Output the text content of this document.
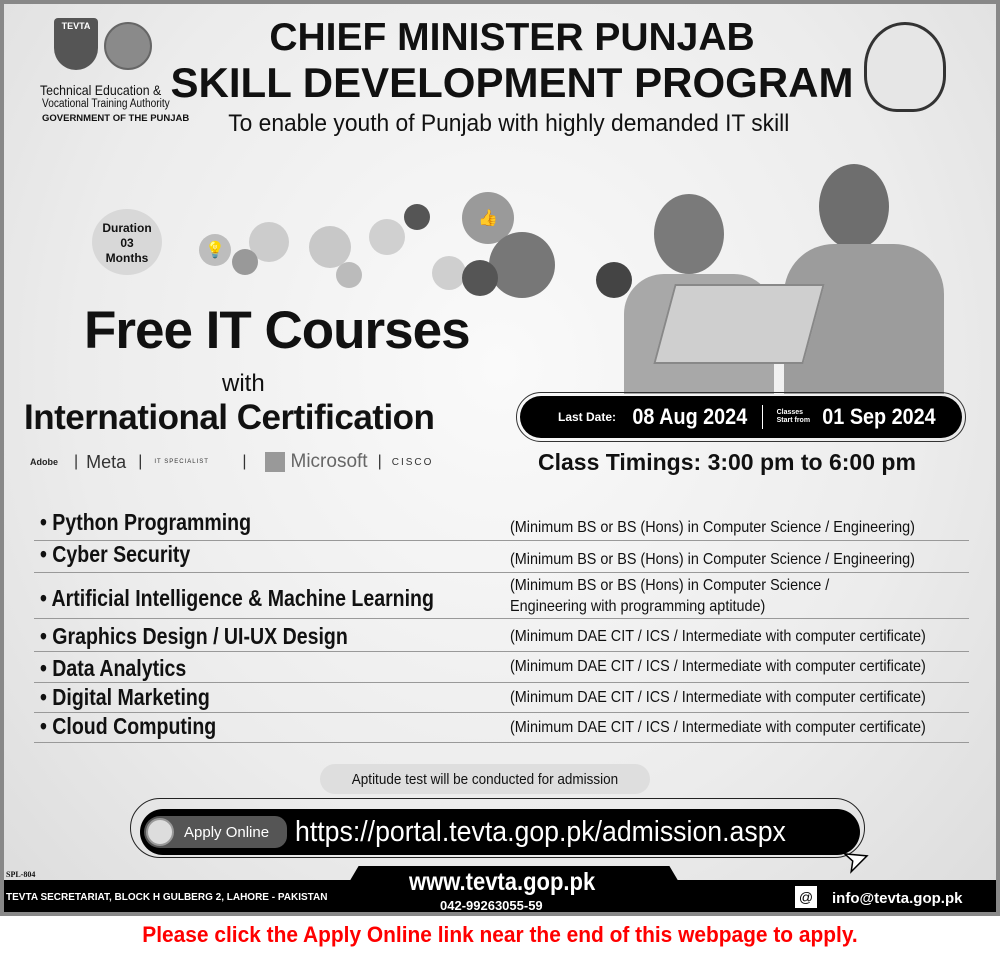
TEVTA
Technical Education &
Vocational Training Authority
GOVERNMENT OF THE PUNJAB
CHIEF MINISTER PUNJAB
SKILL DEVELOPMENT PROGRAM
To enable youth of Punjab with highly demanded IT skill
Duration
03
Months	💡
👍
Free IT Courses
with
International Certification
Adobe	| Meta | IT SPECIALIST	| Microsoft | CISCO
Last Date: 08 Aug 2024	Classes
Start from 01 Sep 2024
Class Timings: 3:00 pm to 6:00 pm
• Python Programming	(Minimum BS or BS (Hons) in Computer Science / Engineering)
• Cyber Security	(Minimum BS or BS (Hons) in Computer Science / Engineering)
• Artificial Intelligence & Machine Learning	(Minimum BS or BS (Hons) in Computer Science /
Engineering with programming aptitude)
• Graphics Design / UI-UX Design	(Minimum DAE CIT / ICS / Intermediate with computer certificate)
• Data Analytics	(Minimum DAE CIT / ICS / Intermediate with computer certificate)
• Digital Marketing	(Minimum DAE CIT / ICS / Intermediate with computer certificate)
• Cloud Computing	(Minimum DAE CIT / ICS / Intermediate with computer certificate)
Aptitude test will be conducted for admission
Apply Online https://portal.tevta.gop.pk/admission.aspx
➤
SPL-804
TEVTA SECRETARIAT, BLOCK H GULBERG 2, LAHORE - PAKISTAN
www.tevta.gop.pk
042-99263055-59
@ info@tevta.gop.pk
Please click the Apply Online link near the end of this webpage to apply.
